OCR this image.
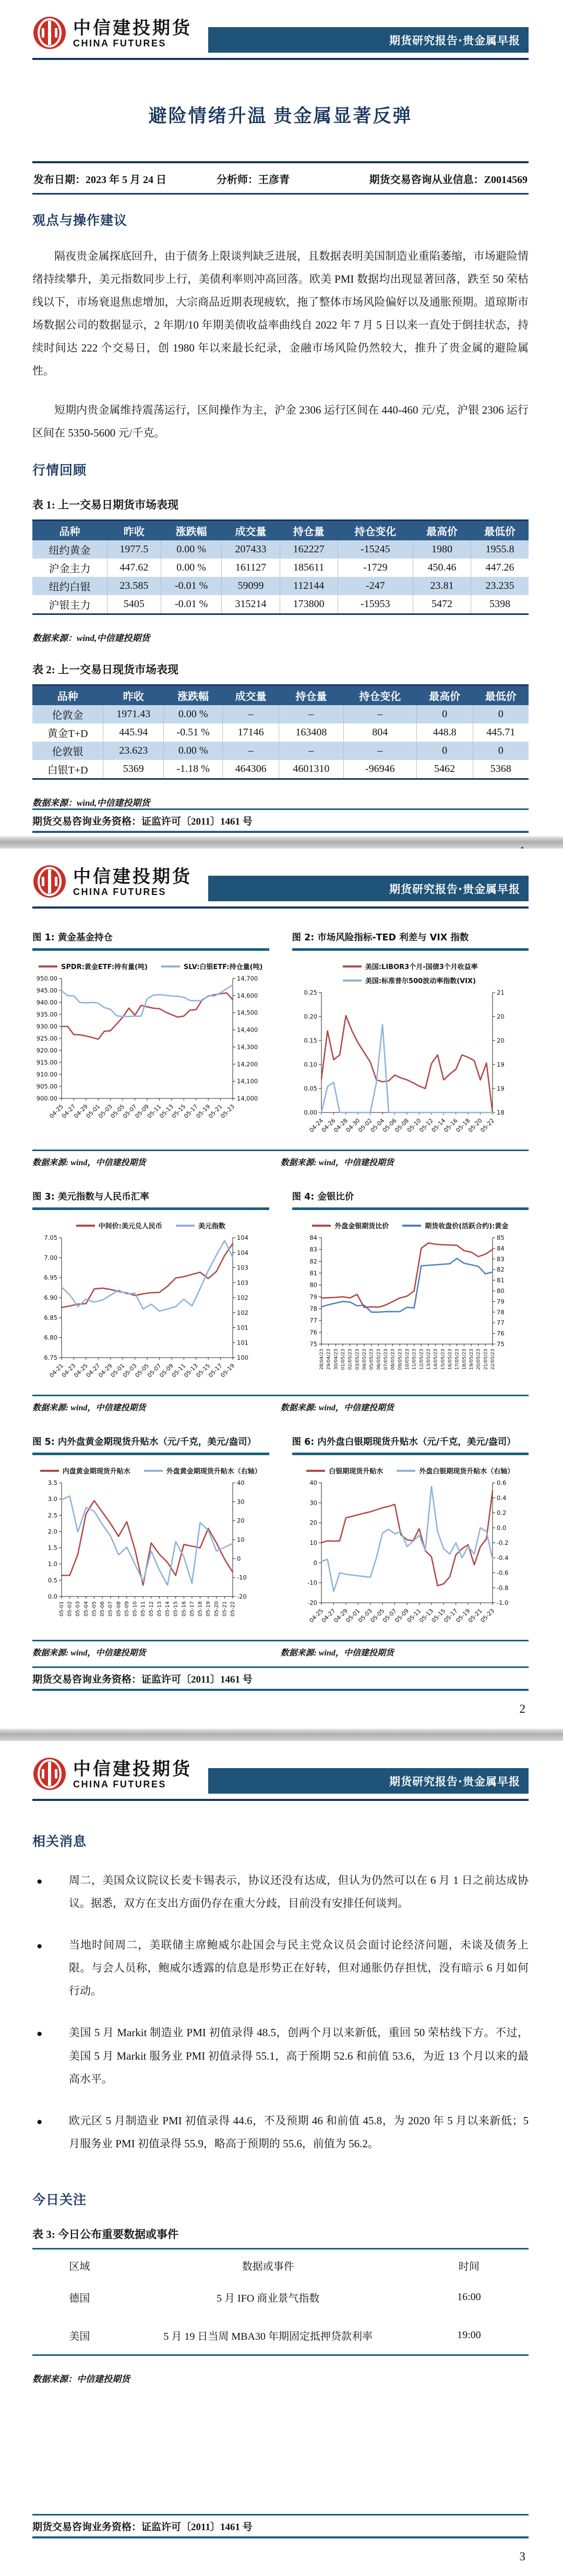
中信建投期货
CHINA FUTURES	期货研究报告·贵金属早报
避险情绪升温 贵金属显著反弹
发布日期：2023 年 5 月 24 日	分析师：王彦青	期货交易咨询从业信息：Z0014569
观点与操作建议

隔夜贵金属探底回升，由于债务上限谈判缺乏进展，且数据表明美国制造业重陷萎缩，市场避险情绪持续攀升，美元指数同步上行，美债利率则冲高回落。欧美 PMI 数据均出现显著回落，跌至 50 荣枯线以下，市场衰退焦虑增加，大宗商品近期表现疲软，拖了整体市场风险偏好以及通胀预期。道琼斯市场数据公司的数据显示，2 年期/10 年期美债收益率曲线自 2022 年 7 月 5 日以来一直处于倒挂状态，持续时间达 222 个交易日，创 1980 年以来最长纪录，金融市场风险仍然较大，推升了贵金属的避险属性。

短期内贵金属维持震荡运行，区间操作为主，沪金 2306 运行区间在 440-460 元/克，沪银 2306 运行区间在 5350-5600 元/千克。

行情回顾
表 1: 上一交易日期货市场表现
品种	昨收	涨跌幅	成交量	持仓量	持仓变化	最高价	最低价
纽约黄金	1977.5	0.00 %	207433	162227	-15245	1980	1955.8
沪金主力	447.62	0.00 %	161127	185611	-1729	450.46	447.26
纽约白银	23.585	-0.01 %	59099	112144	-247	23.81	23.235
沪银主力	5405	-0.01 %	315214	173800	-15953	5472	5398
数据来源：wind,中信建投期货
表 2: 上一交易日现货市场表现
品种	昨收	涨跌幅	成交量	持仓量	持仓变化	最高价	最低价
伦敦金	1971.43	0.00 %	–	–	–	0	0
黄金T+D	445.94	-0.51 %	17146	163408	804	448.8	445.71
伦敦银	23.623	0.00 %	–	–	–	0	0
白银T+D	5369	-1.18 %	464306	4601310	-96946	5462	5368
数据来源：wind,中信建投期货
期货交易咨询业务资格：证监许可〔2011〕1461 号
中信建投期货
CHINA FUTURES	期货研究报告·贵金属早报
图 1: 黄金基金持仓
SPDR:黄金ETF:持有量(吨)	SLV:白银ETF:持仓量(吨)
950.00
945.00
940.00
935.00
930.00
925.00
920.00
915.00
910.00
905.00
900.00
14,700
14,600
14,500
14,400
14,300
14,200
14,100
14,000
04-25
04-27
04-29
05-01
05-03
05-05
05-07
05-09
05-11
05-13
05-15
05-17
05-19
05-21
05-23
图 2: 市场风险指标-TED 利差与 VIX 指数
美国:LIBOR3个月-国债3个月收益率
美国:标准普尔500波动率指数(VIX)
0.25
0.20
0.15
0.10
0.05
0.00
21
20
20
19
19
18
04-24
04-26
04-28
04-30
05-02
05-04
05-06
05-08
05-10
05-12
05-14
05-16
05-18
05-20
05-22
数据来源: wind，中信建投期货	数据来源: wind，中信建投期货
图 3: 美元指数与人民币汇率
中间价:美元兑人民币	美元指数
7.05
7.00
6.95
6.90
6.85
6.80
6.75
104
104
103
103
102
102
101
101
100
04-21
04-23
04-25
04-27
04-29
05-01
05-03
05-05
05-07
05-09
05-11
05-13
05-15
05-17
05-19
图 4: 金银比价
外盘金银期货比价	期货收盘价(活跃合约):黄金
84
83
82
81
80
79
78
77
76
75
85
84
83
82
81
80
79
78
77
76
75
28/04/23 29/04/23 30/04/23 01/05/23 02/05/23 03/05/23 04/05/23 05/05/23 06/05/23 07/05/23 08/05/23 09/05/23 10/05/23 11/05/23 12/05/23 13/05/23 14/05/23 15/05/23 16/05/23 17/05/23 18/05/23 19/05/23 20/05/23 21/05/23 22/05/23
数据来源: wind，中信建投期货	数据来源: wind，中信建投期货
图 5: 内外盘黄金期现货升贴水（元/千克，美元/盎司）
内盘黄金期现货升贴水	外盘黄金期现货升贴水（右轴）
3.5
3.0
2.5
2.0
1.5
1.0
0.5
0.0
40
30
20
10
0
-10
-20
05-01 05-02 05-03 05-04 05-05 05-06 05-07 05-08 05-09 05-10 05-11 05-12 05-13 05-14 05-15 05-16 05-17 05-18 05-19 05-20 05-21 05-22
图 6: 内外盘白银期现货升贴水（元/千克，美元/盎司）
白银期现货升贴水	外盘白银期现货升贴水（右轴）
40
30
20
10
0
-10
-20
0.6
0.4
0.2
0.0
-0.2
-0.4
-0.6
-0.8
-1.0
04-25
04-27
04-29
05-01
05-03
05-05
05-07
05-09
05-11
05-13
05-15
05-17
05-19
05-21
05-23
数据来源: wind，中信建投期货	数据来源: wind，中信建投期货
期货交易咨询业务资格：证监许可〔2011〕1461 号
2
中信建投期货
CHINA FUTURES	期货研究报告·贵金属早报
相关消息
●	周二，美国众议院议长麦卡锡表示，协议还没有达成，但认为仍然可以在 6 月 1 日之前达成协议。据悉，双方在支出方面仍存在重大分歧，目前没有安排任何谈判。
●	当地时间周二，美联储主席鲍威尔赴国会与民主党众议员会面讨论经济问题，未谈及债务上限。与会人员称，鲍威尔透露的信息是形势正在好转，但对通胀仍存担忧，没有暗示 6 月如何行动。
●	美国 5 月 Markit 制造业 PMI 初值录得 48.5，创两个月以来新低，重回 50 荣枯线下方。不过，美国 5 月 Markit 服务业 PMI 初值录得 55.1，高于预期 52.6 和前值 53.6，为近 13 个月以来的最高水平。
●	欧元区 5 月制造业 PMI 初值录得 44.6，不及预期 46 和前值 45.8，为 2020 年 5 月以来新低；5 月服务业 PMI 初值录得 55.9，略高于预期的 55.6，前值为 56.2。
今日关注
表 3: 今日公布重要数据或事件
区域	数据或事件	时间
德国	5 月 IFO 商业景气指数	16:00
美国	5 月 19 日当周 MBA30 年期固定抵押贷款利率	19:00
数据来源：中信建投期货
期货交易咨询业务资格：证监许可〔2011〕1461 号
3
